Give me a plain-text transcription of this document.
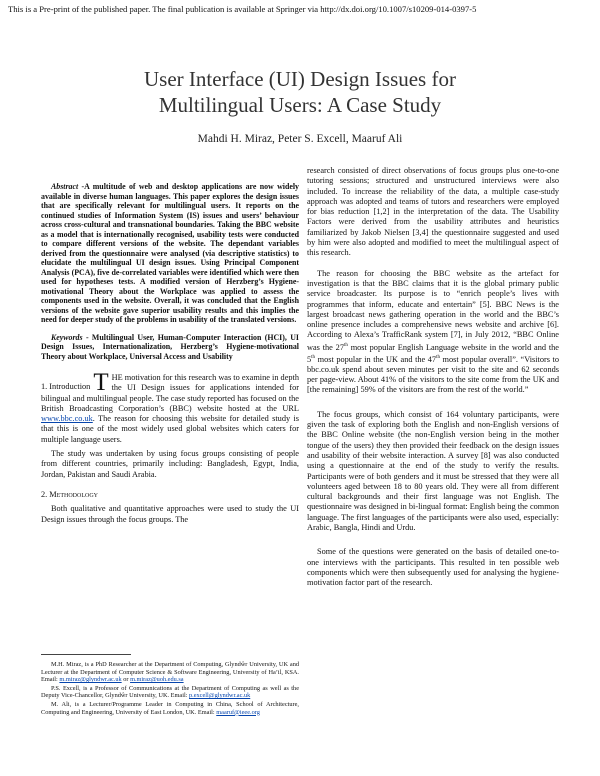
This is a Pre-print of the published paper. The final publication is available at Springer via http://dx.doi.org/10.1007/s10209-014-0397-5
User Interface (UI) Design Issues for
Multilingual Users: A Case Study
Mahdi H. Miraz, Peter S. Excell, Maaruf Ali
Abstract -A multitude of web and desktop applications are now widely available in diverse human languages. This paper explores the design issues that are specifically relevant for multilingual users. It reports on the continued studies of Information System (IS) issues and users’ behaviour across cross-cultural and transnational boundaries. Taking the BBC website as a model that is internationally recognised, usability tests were conducted to compare different versions of the website. The dependant variables derived from the questionnaire were analysed (via descriptive statistics) to elucidate the multilingual UI design issues. Using Principal Component Analysis (PCA), five de-correlated variables were identified which were then used for hypotheses tests. A modified version of Herzberg’s Hygiene-motivational Theory about the Workplace was applied to assess the components used in the website. Overall, it was concluded that the English versions of the website gave superior usability results and this implies the need for deeper study of the problems in usability of the translated versions.
Keywords - Multilingual User, Human-Computer Interaction (HCI), UI Design Issues, Internationalization, Herzberg’s Hygiene-motivational Theory about Workplace, Universal Access and Usability
1. Introduction T HE motivation for this research was to examine in depth the UI Design issues for applications intended for bilingual and multilingual people. The case study reported has focused on the British Broadcasting Corporation’s (BBC) website hosted at the URL www.bbc.co.uk. The reason for choosing this website for detailed study is that this is one of the most widely used global websites which caters for multiple language users.

The study was undertaken by using focus groups consisting of people from different countries, primarily including: Bangladesh, Egypt, India, Jordan, Pakistan and Saudi Arabia.

2. Methodology

Both qualitative and quantitative approaches were used to study the UI Design issues through the focus groups. The

M.H. Miraz, is a PhD Researcher at the Department of Computing, Glyndŵr University, UK and Lecturer at the Department of Computer Science & Software Engineering, University of Ha’il, KSA. Email: m.miraz@glyndwr.ac.uk or m.miraz@uoh.edu.sa

P.S. Excell, is a Professor of Communications at the Department of Computing as well as the Deputy Vice-Chancellor, Glyndŵr University, UK. Email: p.excell@glyndwr.ac.uk

M. Ali, is a Lecturer/Programme Leader in Computing in China, School of Architecture, Computing and Engineering, University of East London, UK. Email: maaruf@ieee.org

research consisted of direct observations of focus groups plus one-to-one tutoring sessions; structured and unstructured interviews were also included. To increase the reliability of the data, a multiple case-study approach was adopted and teams of tutors and researchers were employed for bias reduction [1,2] in the interpretation of the data. The Usability Factors were derived from the usability attributes and heuristics familiarized by Jakob Nielsen [3,4] the questionnaire suggested and used by him were also adopted and modified to meet the multilingual aspect of this research.

The reason for choosing the BBC website as the artefact for investigation is that the BBC claims that it is the global primary public service broadcaster. Its purpose is to “enrich people’s lives with programmes that inform, educate and entertain” [5]. BBC News is the largest broadcast news gathering operation in the world and the BBC’s online presence includes a comprehensive news website and archive [6]. According to Alexa’s TrafficRank system [7], in July 2012, “BBC Online was the 27th most popular English Language website in the world and the 5th most popular in the UK and the 47th most popular overall”. “Visitors to bbc.co.uk spend about seven minutes per visit to the site and 62 seconds per page-view. About 41% of the visitors to the site come from the UK and [the remaining] 59% of the visitors are from the rest of the world.”

The focus groups, which consist of 164 voluntary participants, were given the task of exploring both the English and non-English versions of the BBC Online website (the non-English version being in the mother tongue of the users) they then provided their feedback on the design issues and usability of their website interaction. A survey [8] was also conducted using a questionnaire at the end of the study to verify the results. Participants were of both genders and it must be stressed that they were all volunteers aged between 18 to 80 years old. They were all from different cultural backgrounds and their first language was not English. The questionnaire was designed in bi-lingual format: English being the common language. The first languages of the participants were also used, especially: Arabic, Bangla, Hindi and Urdu.

Some of the questions were generated on the basis of detailed one-to-one interviews with the participants. This resulted in ten possible web components which were then subsequently used for analysing the hygiene-motivation factor part of the research.
